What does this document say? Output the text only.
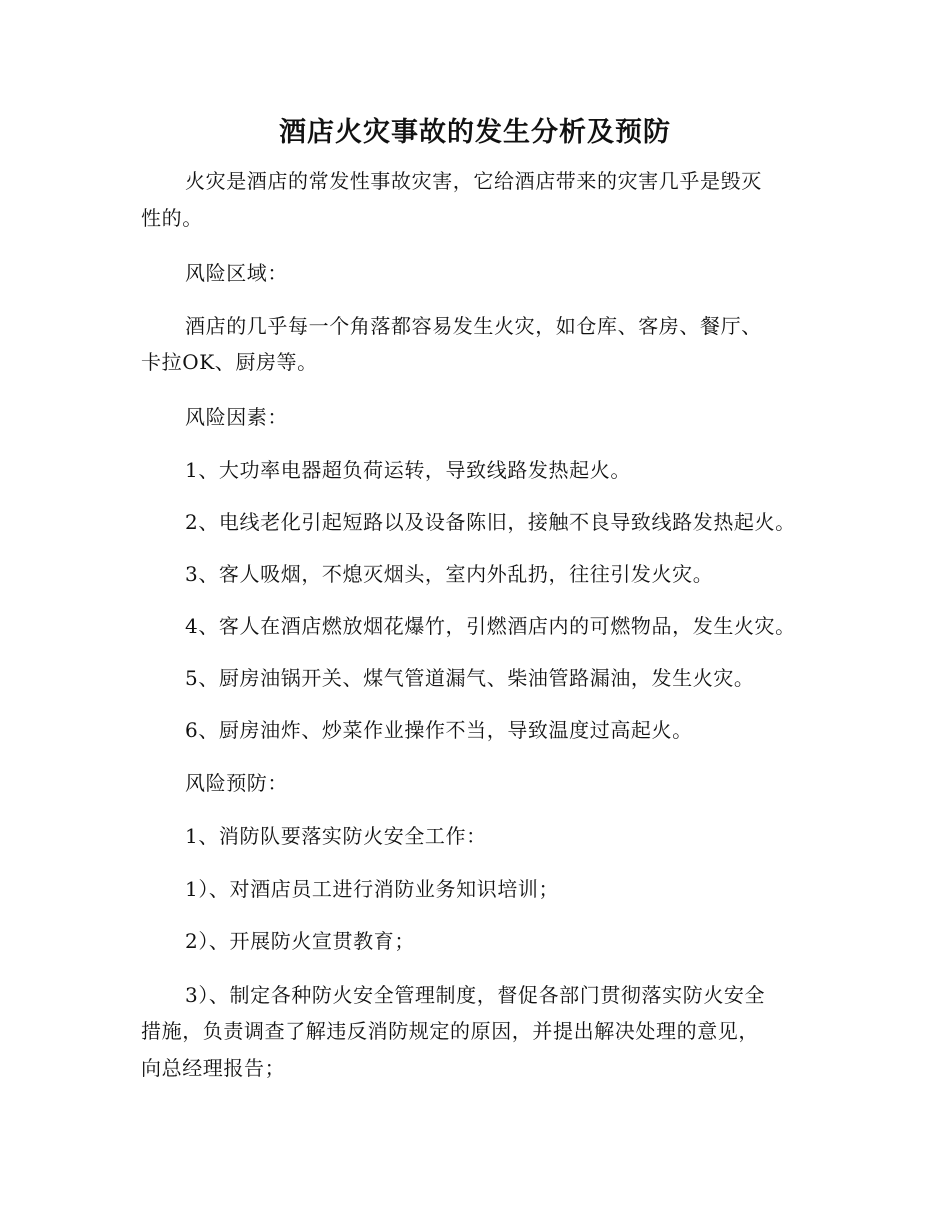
酒店火灾事故的发生分析及预防
火灾是酒店的常发性事故灾害，它给酒店带来的灾害几乎是毁灭
性的。
风险区域：
酒店的几乎每一个角落都容易发生火灾，如仓库、客房、餐厅、
卡拉OK、厨房等。
风险因素：
1、大功率电器超负荷运转，导致线路发热起火。
2、电线老化引起短路以及设备陈旧，接触不良导致线路发热起火。
3、客人吸烟，不熄灭烟头，室内外乱扔，往往引发火灾。
4、客人在酒店燃放烟花爆竹，引燃酒店内的可燃物品，发生火灾。
5、厨房油锅开关、煤气管道漏气、柴油管路漏油，发生火灾。
6、厨房油炸、炒菜作业操作不当，导致温度过高起火。
风险预防：
1、消防队要落实防火安全工作：
1）、对酒店员工进行消防业务知识培训；
2）、开展防火宣贯教育；
3）、制定各种防火安全管理制度，督促各部门贯彻落实防火安全
措施，负责调查了解违反消防规定的原因，并提出解决处理的意见，
向总经理报告；
